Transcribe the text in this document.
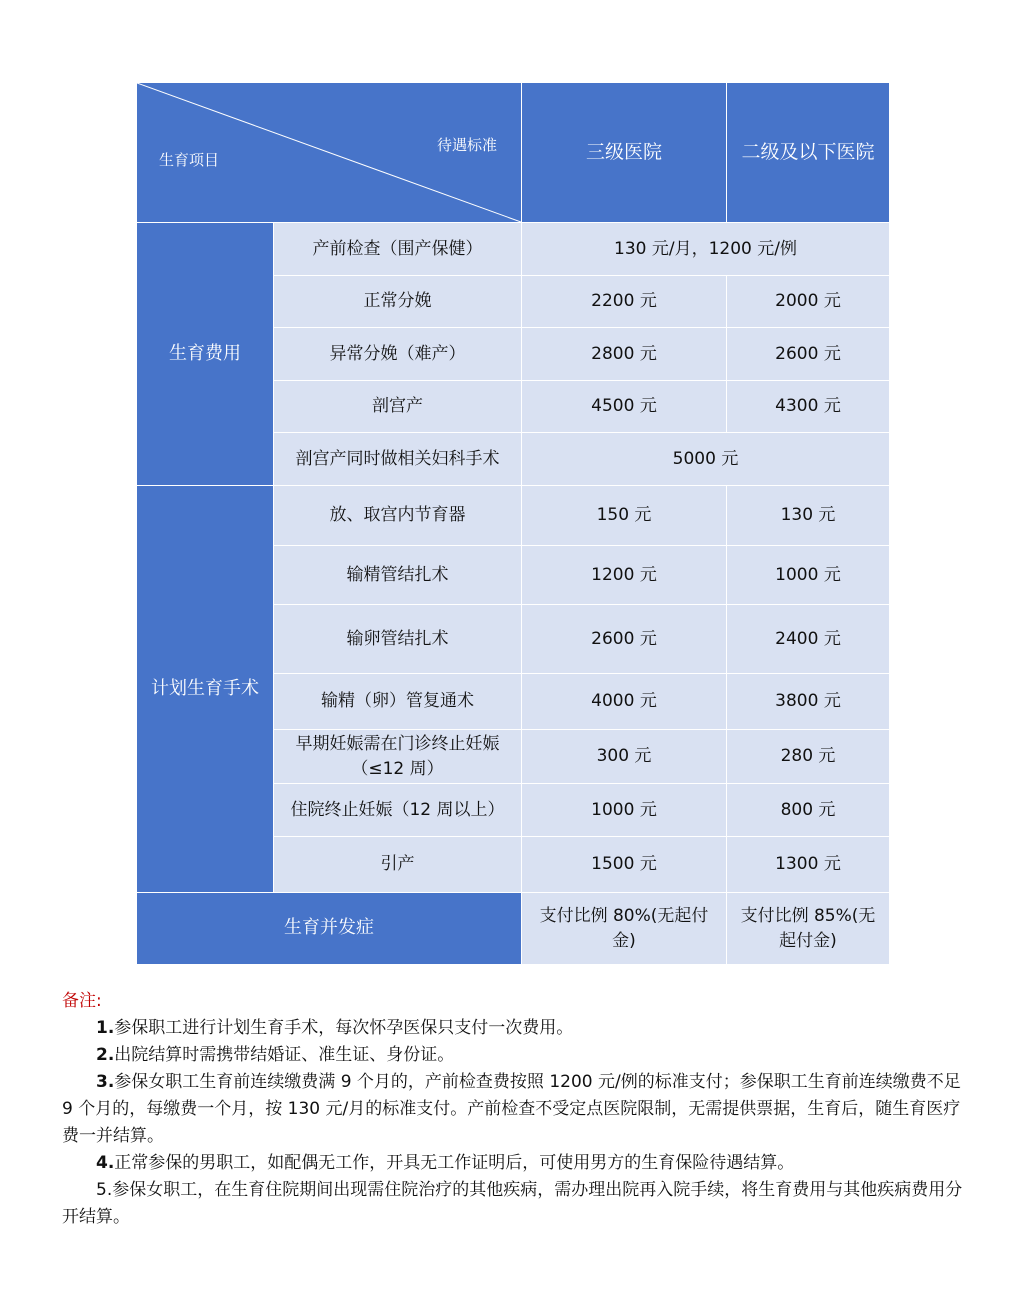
待遇标准
生育项目		三级医院	二级及以下医院
生育费用	产前检查（围产保健）	130 元/月，1200 元/例	
	正常分娩	2200 元	2000 元
	异常分娩（难产）	2800 元	2600 元
	剖宫产	4500 元	4300 元
	剖宫产同时做相关妇科手术	5000 元	
计划生育手术	放、取宫内节育器	150 元	130 元
	输精管结扎术	1200 元	1000 元
	输卵管结扎术	2600 元	2400 元
	输精（卵）管复通术	4000 元	3800 元
	早期妊娠需在门诊终止妊娠（≤12 周）	300 元	280 元
	住院终止妊娠（12 周以上）	1000 元	800 元
	引产	1500 元	1300 元
生育并发症		支付比例 80%(无起付金)	支付比例 85%(无起付金)
备注:

1.参保职工进行计划生育手术，每次怀孕医保只支付一次费用。

2.出院结算时需携带结婚证、准生证、身份证。

3.参保女职工生育前连续缴费满 9 个月的，产前检查费按照 1200 元/例的标准支付；参保职工生育前连续缴费不足 9 个月的，每缴费一个月，按 130 元/月的标准支付。产前检查不受定点医院限制，无需提供票据，生育后，随生育医疗费一并结算。

4.正常参保的男职工，如配偶无工作，开具无工作证明后，可使用男方的生育保险待遇结算。

5.参保女职工，在生育住院期间出现需住院治疗的其他疾病，需办理出院再入院手续，将生育费用与其他疾病费用分开结算。
